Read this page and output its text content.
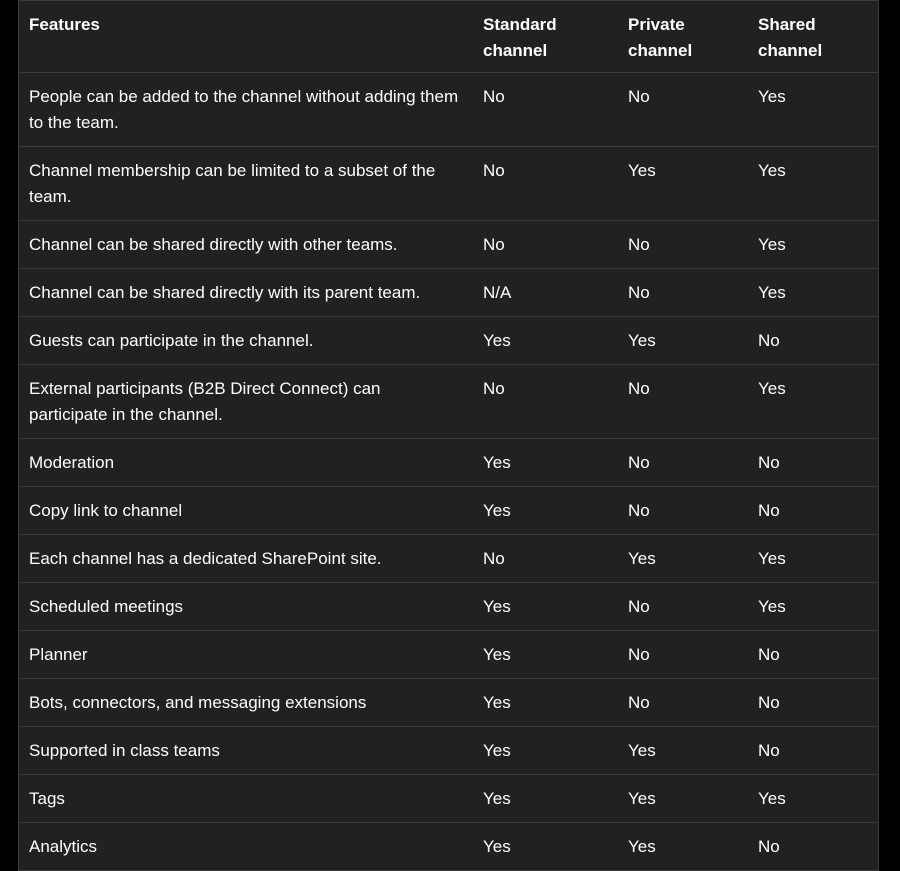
Features	Standard channel	Private channel	Shared channel
People can be added to the channel without adding them to the team.	No	No	Yes
Channel membership can be limited to a subset of the team.	No	Yes	Yes
Channel can be shared directly with other teams.	No	No	Yes
Channel can be shared directly with its parent team.	N/A	No	Yes
Guests can participate in the channel.	Yes	Yes	No
External participants (B2B Direct Connect) can participate in the channel.	No	No	Yes
Moderation	Yes	No	No
Copy link to channel	Yes	No	No
Each channel has a dedicated SharePoint site.	No	Yes	Yes
Scheduled meetings	Yes	No	Yes
Planner	Yes	No	No
Bots, connectors, and messaging extensions	Yes	No	No
Supported in class teams	Yes	Yes	No
Tags	Yes	Yes	Yes
Analytics	Yes	Yes	No
